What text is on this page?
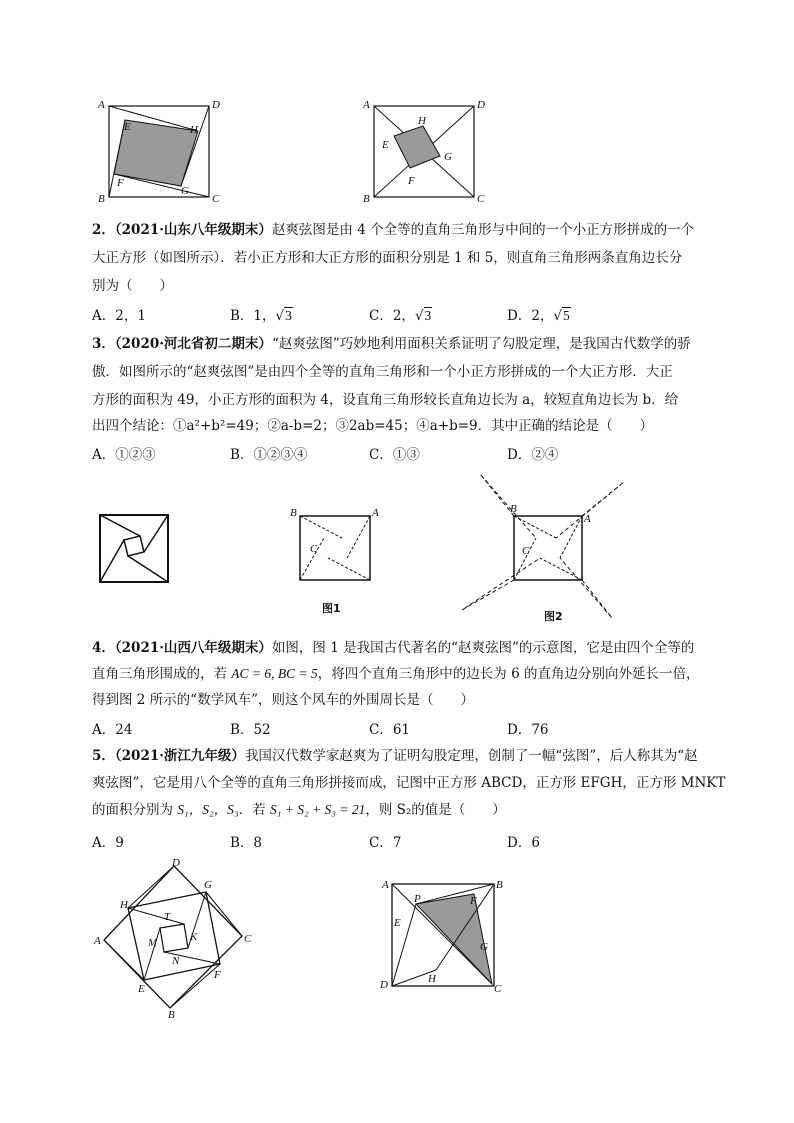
A	D
E	H
B
F
G
C
A	D
H
E
G
F
B	C
2．（2021·山东八年级期末）赵爽弦图是由 4 个全等的直角三角形与中间的一个小正方形拼成的一个
大正方形（如图所示）．若小正方形和大正方形的面积分别是 1 和 5，则直角三角形两条直角边长分
别为（　　）
A．2，1	B．1，√3	C．2，√3	D．2，√5
3．（2020·河北省初二期末）“赵爽弦图”巧妙地利用面积关系证明了勾股定理，是我国古代数学的骄
傲．如图所示的“赵爽弦图”是由四个全等的直角三角形和一个小正方形拼成的一个大正方形．大正
方形的面积为 49，小正方形的面积为 4，设直角三角形较长直角边长为 a，较短直角边长为 b．给
出四个结论：①a²+b²=49；②a-b=2；③2ab=45；④a+b=9．其中正确的结论是（　　）
A．①②③	B．①②③④	C．①③	D．②④
B	A
C
图1
B
A
C
图2
4．（2021·山西八年级期末）如图，图 1 是我国古代著名的“赵爽弦图”的示意图，它是由四个全等的
直角三角形围成的，若 AC = 6, BC = 5，将四个直角三角形中的边长为 6 的直角边分别向外延长一倍，
得到图 2 所示的“数学风车”，则这个风车的外围周长是（　　）
A．24	B．52	C．61	D．76
5．（2021·浙江九年级）我国汉代数学家赵爽为了证明勾股定理，创制了一幅“弦图”，后人称其为“赵
爽弦图”，它是用八个全等的直角三角形拼接而成，记图中正方形 ABCD，正方形 EFGH，正方形 MNKT
的面积分别为 S₁，S₂，S₃．若 S₁ + S₂ + S₃ = 21，则 S₂的值是（　　）
A．9	B．8	C．7	D．6
D
G
H
T
A	K	C
M
N
F
E
B
A	B
P	F
E
G
H
D	C
